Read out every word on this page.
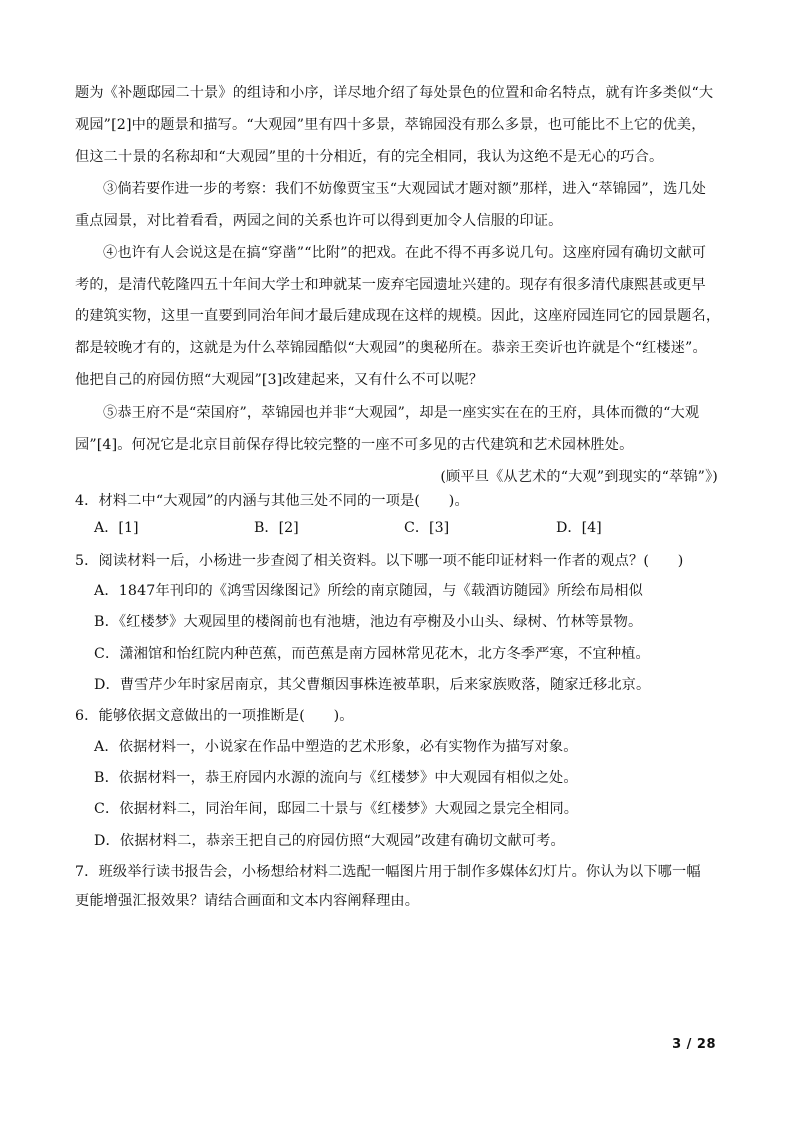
题为《补题邸园二十景》的组诗和小序，详尽地介绍了每处景色的位置和命名特点，就有许多类似“大
观园”[2]中的题景和描写。“大观园”里有四十多景，萃锦园没有那么多景，也可能比不上它的优美，
但这二十景的名称却和“大观园”里的十分相近，有的完全相同，我认为这绝不是无心的巧合。
③倘若要作进一步的考察：我们不妨像贾宝玉“大观园试才题对额”那样，进入“萃锦园”，选几处
重点园景，对比着看看，两园之间的关系也许可以得到更加令人信服的印证。
④也许有人会说这是在搞“穿凿”“比附”的把戏。在此不得不再多说几句。这座府园有确切文献可
考的，是清代乾隆四五十年间大学士和珅就某一废弃宅园遗址兴建的。现存有很多清代康熙甚或更早
的建筑实物，这里一直要到同治年间才最后建成现在这样的规模。因此，这座府园连同它的园景题名，
都是较晚才有的，这就是为什么萃锦园酷似“大观园”的奥秘所在。恭亲王奕䜣也许就是个“红楼迷”。
他把自己的府园仿照“大观园”[3]改建起来，又有什么不可以呢？
⑤恭王府不是“荣国府”，萃锦园也并非“大观园”，却是一座实实在在的王府，具体而微的“大观
园”[4]。何况它是北京目前保存得比较完整的一座不可多见的古代建筑和艺术园林胜处。
(顾平旦《从艺术的“大观”到现实的“萃锦”》)
4．材料二中“大观园”的内涵与其他三处不同的一项是(　　)。
A．[1]	B．[2]	C．[3]	D．[4]
5．阅读材料一后，小杨进一步查阅了相关资料。以下哪一项不能印证材料一作者的观点？(　　)
A．1847年刊印的《鸿雪因缘图记》所绘的南京随园，与《载酒访随园》所绘布局相似
B．《红楼梦》大观园里的楼阁前也有池塘，池边有亭榭及小山头、绿树、竹林等景物。
C．潇湘馆和怡红院内种芭蕉，而芭蕉是南方园林常见花木，北方冬季严寒，不宜种植。
D．曹雪芹少年时家居南京，其父曹頫因事株连被革职，后来家族败落，随家迁移北京。
6．能够依据文意做出的一项推断是(　　)。
A．依据材料一，小说家在作品中塑造的艺术形象，必有实物作为描写对象。
B．依据材料一，恭王府园内水源的流向与《红楼梦》中大观园有相似之处。
C．依据材料二，同治年间，邸园二十景与《红楼梦》大观园之景完全相同。
D．依据材料二，恭亲王把自己的府园仿照“大观园”改建有确切文献可考。
7．班级举行读书报告会，小杨想给材料二选配一幅图片用于制作多媒体幻灯片。你认为以下哪一幅
更能增强汇报效果？请结合画面和文本内容阐释理由。
3 / 28
